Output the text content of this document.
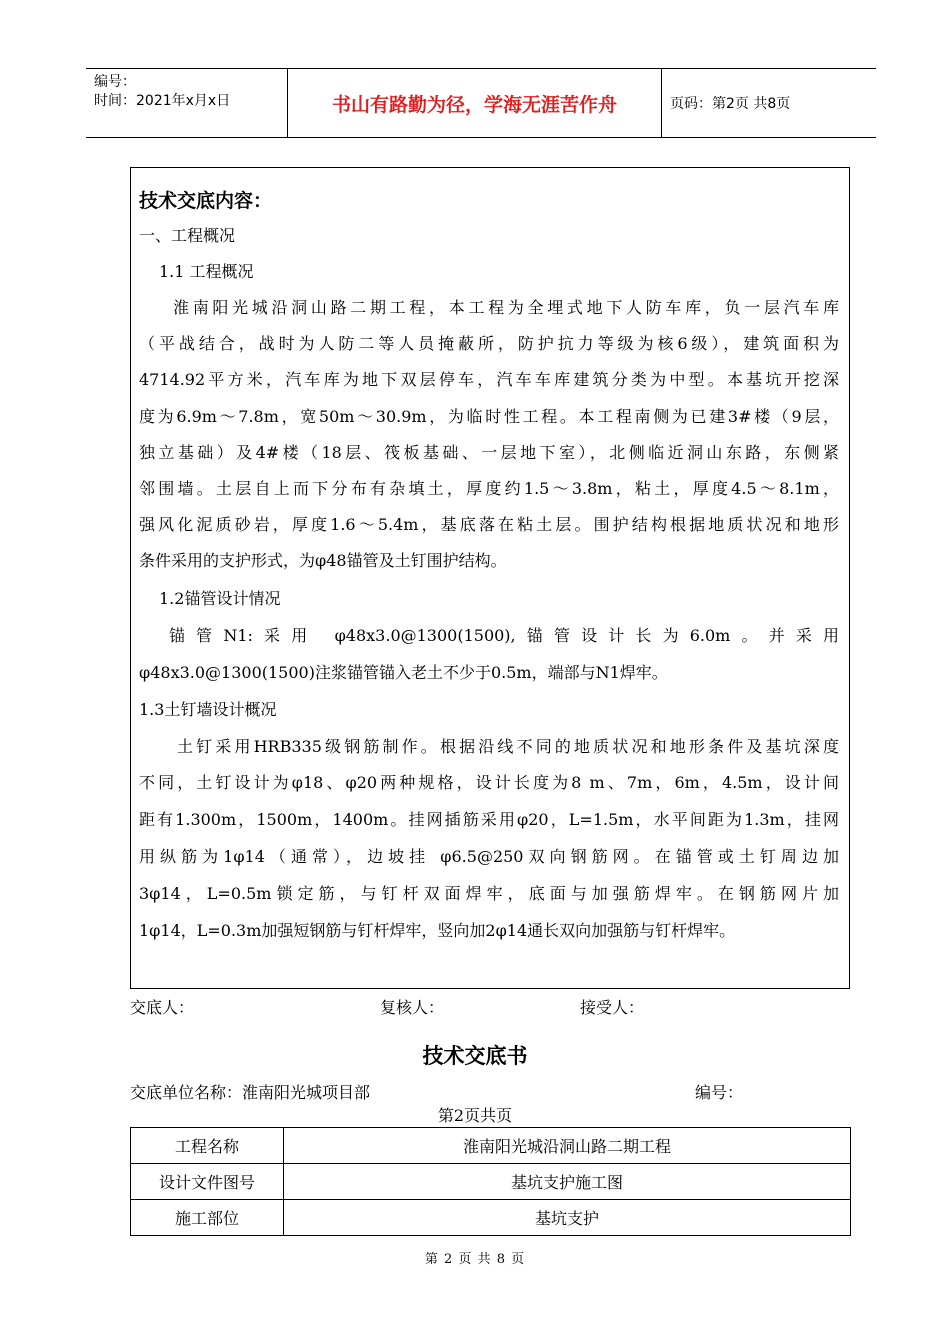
编号：
时间：2021年x月x日	书山有路勤为径，学海无涯苦作舟	页码：第2页 共8页
技术交底内容：
一、工程概况
1.1 工程概况
淮南阳光城沿洞山路二期工程，本工程为全埋式地下人防车库，负一层汽车库
（平战结合，战时为人防二等人员掩蔽所，防护抗力等级为核6级），建筑面积为
4714.92平方米，汽车库为地下双层停车，汽车车库建筑分类为中型。本基坑开挖深
度为6.9m～7.8m，宽50m～30.9m，为临时性工程。本工程南侧为已建3#楼（9层，
独立基础）及4#楼（18层、筏板基础、一层地下室），北侧临近洞山东路，东侧紧
邻围墙。土层自上而下分布有杂填土，厚度约1.5～3.8m，粘土，厚度4.5～8.1m，
强风化泥质砂岩，厚度1.6～5.4m，基底落在粘土层。围护结构根据地质状况和地形
条件采用的支护形式，为φ48锚管及土钉围护结构。
1.2锚管设计情况
锚管N1:采用 φ48x3.0@1300(1500),锚管设计长为6.0m。并采用
φ48x3.0@1300(1500)注浆锚管锚入老土不少于0.5m，端部与N1焊牢。
1.3土钉墙设计概况
土钉采用HRB335级钢筋制作。根据沿线不同的地质状况和地形条件及基坑深度
不同，土钉设计为φ18、φ20两种规格，设计长度为8 m、7m，6m，4.5m，设计间
距有1.300m，1500m，1400m。挂网插筋采用φ20，L=1.5m，水平间距为1.3m，挂网
用纵筋为1φ14（通常），边坡挂 φ6.5@250双向钢筋网。在锚管或土钉周边加
3φ14，L=0.5m锁定筋，与钉杆双面焊牢，底面与加强筋焊牢。在钢筋网片加
1φ14，L=0.3m加强短钢筋与钉杆焊牢，竖向加2φ14通长双向加强筋与钉杆焊牢。
交底人：	复核人：	接受人：
技术交底书
交底单位名称：淮南阳光城项目部	编号：
第2页共页
工程名称	淮南阳光城沿洞山路二期工程
设计文件图号	基坑支护施工图
施工部位	基坑支护
第 2 页 共 8 页
